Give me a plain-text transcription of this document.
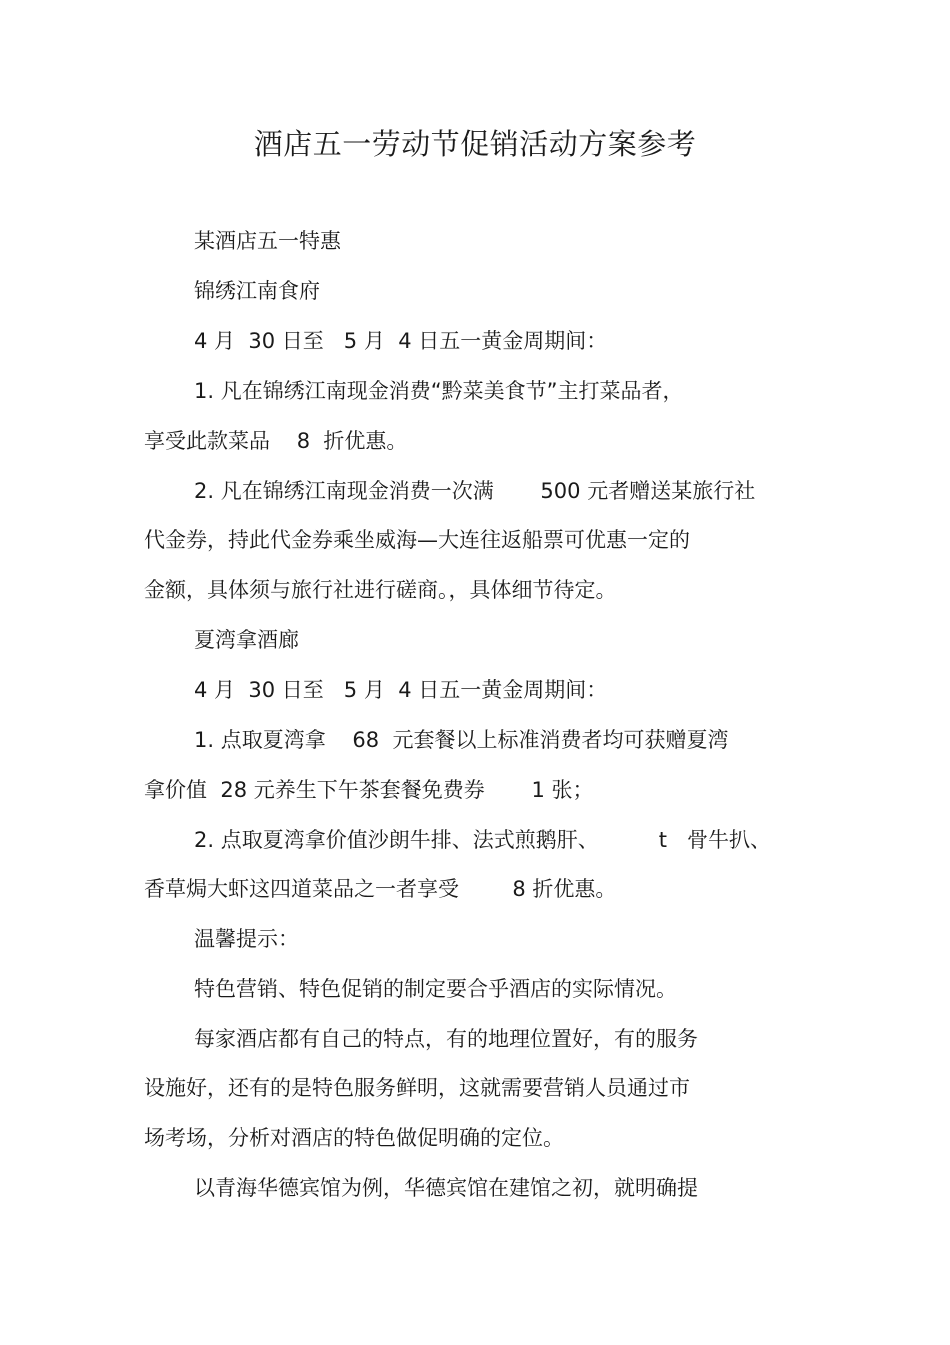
酒店五一劳动节促销活动方案参考

某酒店五一特惠

锦绣江南食府

4 月  30 日至   5 月  4 日五一黄金周期间：

1. 凡在锦绣江南现金消费“黔菜美食节”主打菜品者，

享受此款菜品    8  折优惠。

2. 凡在锦绣江南现金消费一次满       500 元者赠送某旅行社

代金券，持此代金券乘坐威海—大连往返船票可优惠一定的

金额，具体须与旅行社进行磋商。，具体细节待定。

夏湾拿酒廊

4 月  30 日至   5 月  4 日五一黄金周期间：

1. 点取夏湾拿    68  元套餐以上标准消费者均可获赠夏湾

拿价值  28 元养生下午茶套餐免费券       1 张；

2. 点取夏湾拿价值沙朗牛排、法式煎鹅肝、         t   骨牛扒、

香草焗大虾这四道菜品之一者享受        8 折优惠。

温馨提示：

特色营销、特色促销的制定要合乎酒店的实际情况。

每家酒店都有自己的特点，有的地理位置好，有的服务

设施好，还有的是特色服务鲜明，这就需要营销人员通过市

场考场，分析对酒店的特色做促明确的定位。

以青海华德宾馆为例，华德宾馆在建馆之初，就明确提
